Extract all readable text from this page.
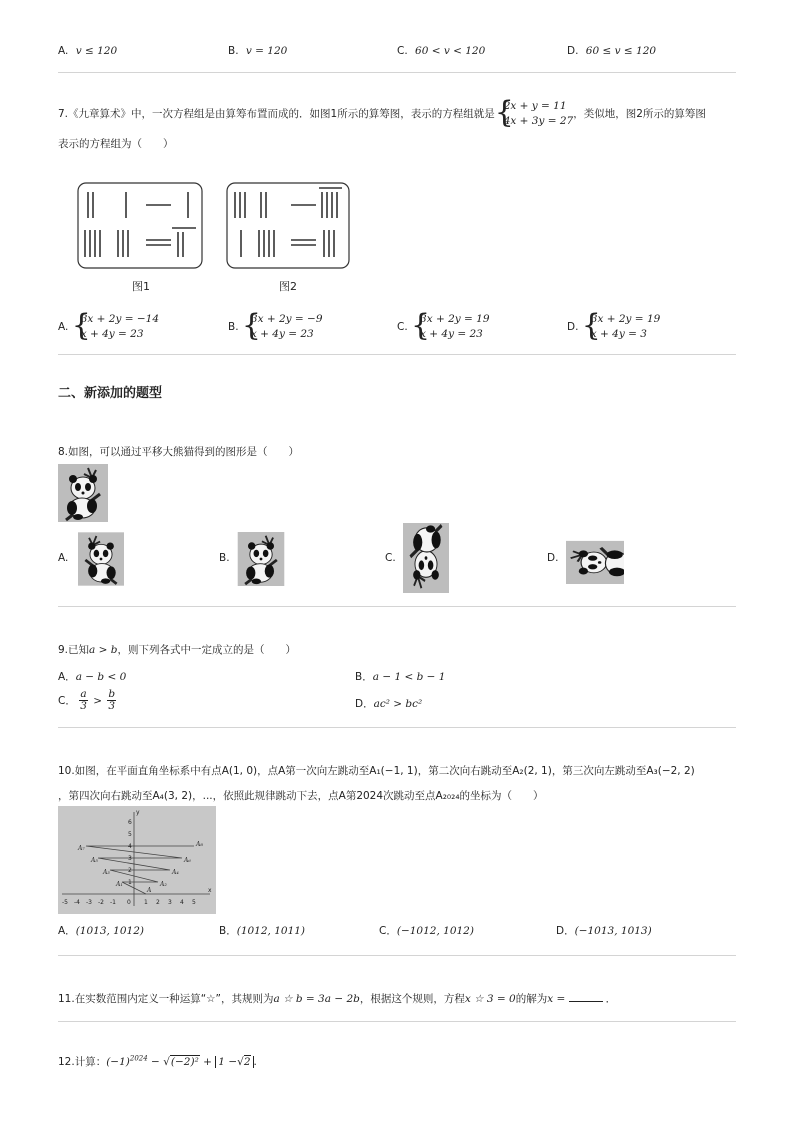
A. v ≤ 120	B. v = 120	C. 60 < v < 120	D. 60 ≤ v ≤ 120
7.《九章算术》中，一次方程组是由算筹布置而成的．如图1所示的算筹图，表示的方程组就是 {
2x + y = 11
4x + 3y = 27
，类似地，图2所示的算筹图
表示的方程组为（　　）
图1	图2
A. {
3x + 2y = −14
x + 4y = 23
B. {
3x + 2y = −9
x + 4y = 23
C. {
3x + 2y = 19
x + 4y = 23
D. {
3x + 2y = 19
x + 4y = 3
二、新添加的题型
8.如图，可以通过平移大熊猫得到的图形是（　　）
A.	B.	C.	D.
9.已知a > b，则下列各式中一定成立的是（　　）
A．a − b < 0	B．a − 1 < b − 1
C． $\frac{a}{3} > \frac{b}{3}$	D．ac² > bc²
10.如图，在平面直角坐标系中有点A(1, 0)，点A第一次向左跳动至A₁(−1, 1)，第二次向右跳动至A₂(2, 1)，第三次向左跳动至A₃(−2, 2)
，第四次向右跳动至A₄(3, 2)，...，依照此规律跳动下去，点A第2024次跳动至点A₂₀₂₄的坐标为（　　）
-5 -4 -3 -2 -1 0 1 2 3 4 5
x
1
2
3
4
5
6
y
A
A₁	A₂
A₃	A₄
A₅	A₆
A₇
A₈
A．(1013, 1012)	B．(1012, 1011)	C．(−1012, 1012)	D．(−1013, 1013)
11.在实数范围内定义一种运算“☆”，其规则为a ☆ b = 3a − 2b，根据这个规则，方程x ☆ 3 = 0的解为x =	．
12.计算：$(-1)^{2024} - √(-2)^2 + 1 -√2$ .
